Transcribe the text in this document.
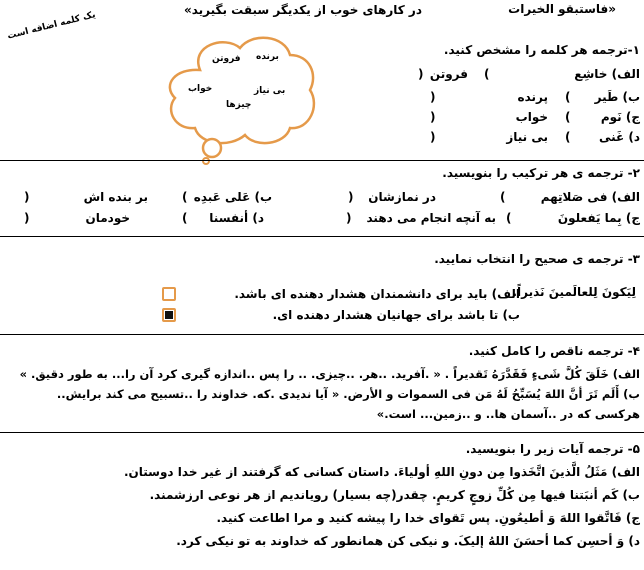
«فاستبقو الخيرات
در کارهای خوب از یکدیگر سبقت بگیرید»
یک کلمه اضافه است
برنده
فروتن
خواب	بی نیاز
چیزها
۱-ترجمه هر کلمه را مشخص کنید.
الف) خاشِع
(
فروتن
)
ب) طَیر
(
پرنده
)
ج) نَوم
(
خواب
)
د) غَنی
(
بی نیاز
)
۲- ترجمه ی هر ترکیب را بنویسید.
الف) فی صَلاتِهم
(
در نمازشان
)
ب) عَلی عَبدِه
(
بر بنده اش
)
ج) بِما یَفعلونَ
(
به آنچه انجام می دهند
)
د) أنفسنا
(
خودمان
)
۳- ترجمه ی صحیح را انتخاب نمایید.
لِیَکونَ لِلعالَمینَ نَذیراً.
الف) باید برای دانشمندان هشدار دهنده ای باشد.
ب) تا باشد برای جهانیان هشدار دهنده ای.
۴- ترجمه ناقص را کامل کنید.
الف) خَلَقَ کُلَّ شَیءٍ فَقَدَّرَهُ تَقدیراً . « .آفرید. ..هر. ..چیزی. .. را پس ..اندازه گیری کرد آن را... به طور دقیق. »
ب) أَلَم تَرَ أنَّ اللهَ یُسَبِّحُ لَهُ مَن فی السموات و الأرض. « آیا ندیدی .که. خداوند را ..تسبیح می کند برایش..
هرکسی که در ..آسمان ها.. و ..زمین... است.»
۵- ترجمه آیات زیر را بنویسید.
الف) مَثَلُ الَّذینَ اتَّخَذوا مِن دونِ اللهِ أولیاءَ. داستان کسانی که گرفتند از غیر خدا دوستان.
ب) کَم أنبَتنا فیها مِن کُلِّ زوجٍ کریمٍ. چقدر(چه بسیار) رویاندیم از هر نوعی ارزشمند.
ج) فَاتَّقوا اللهَ وَ أطیعُونِ. پس تَقوای خدا را پیشه کنید و مرا اطاعت کنید.
د) وَ أحسِن کما أحسَنَ اللهُ إلیکَ. و نیکی کن همانطور که خداوند به تو نیکی کرد.
